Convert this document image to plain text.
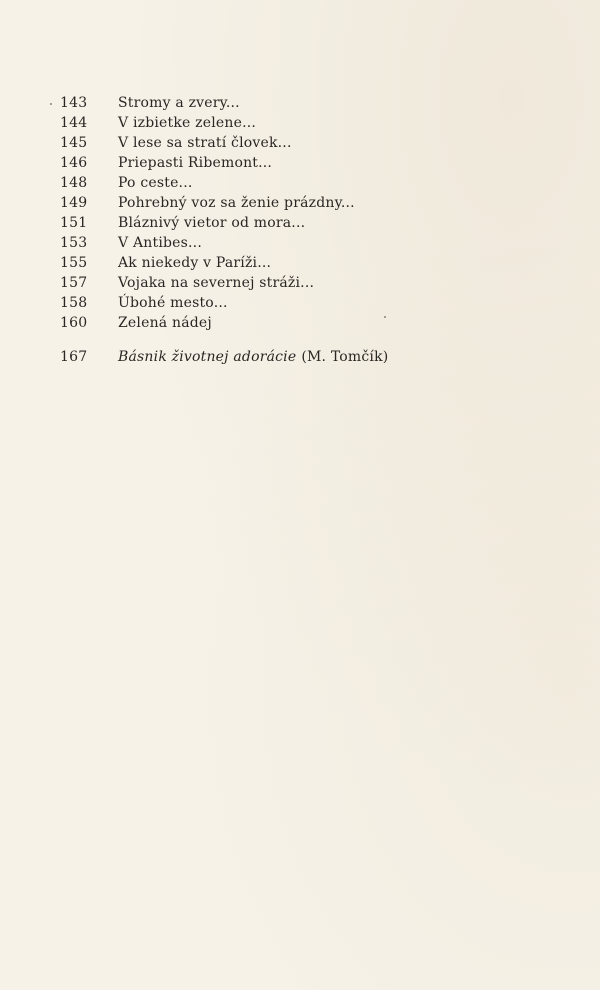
143	Stromy a zvery...
144	V izbietke zelene...
145	V lese sa stratí človek...
146	Priepasti Ribemont...
148	Po ceste...
149	Pohrebný voz sa ženie prázdny...
151	Bláznivý vietor od mora...
153	V Antibes...
155	Ak niekedy v Paríži...
157	Vojaka na severnej stráži...
158	Úbohé mesto...
160	Zelená nádej
167	Básnik životnej adorácie (M. Tomčík)
